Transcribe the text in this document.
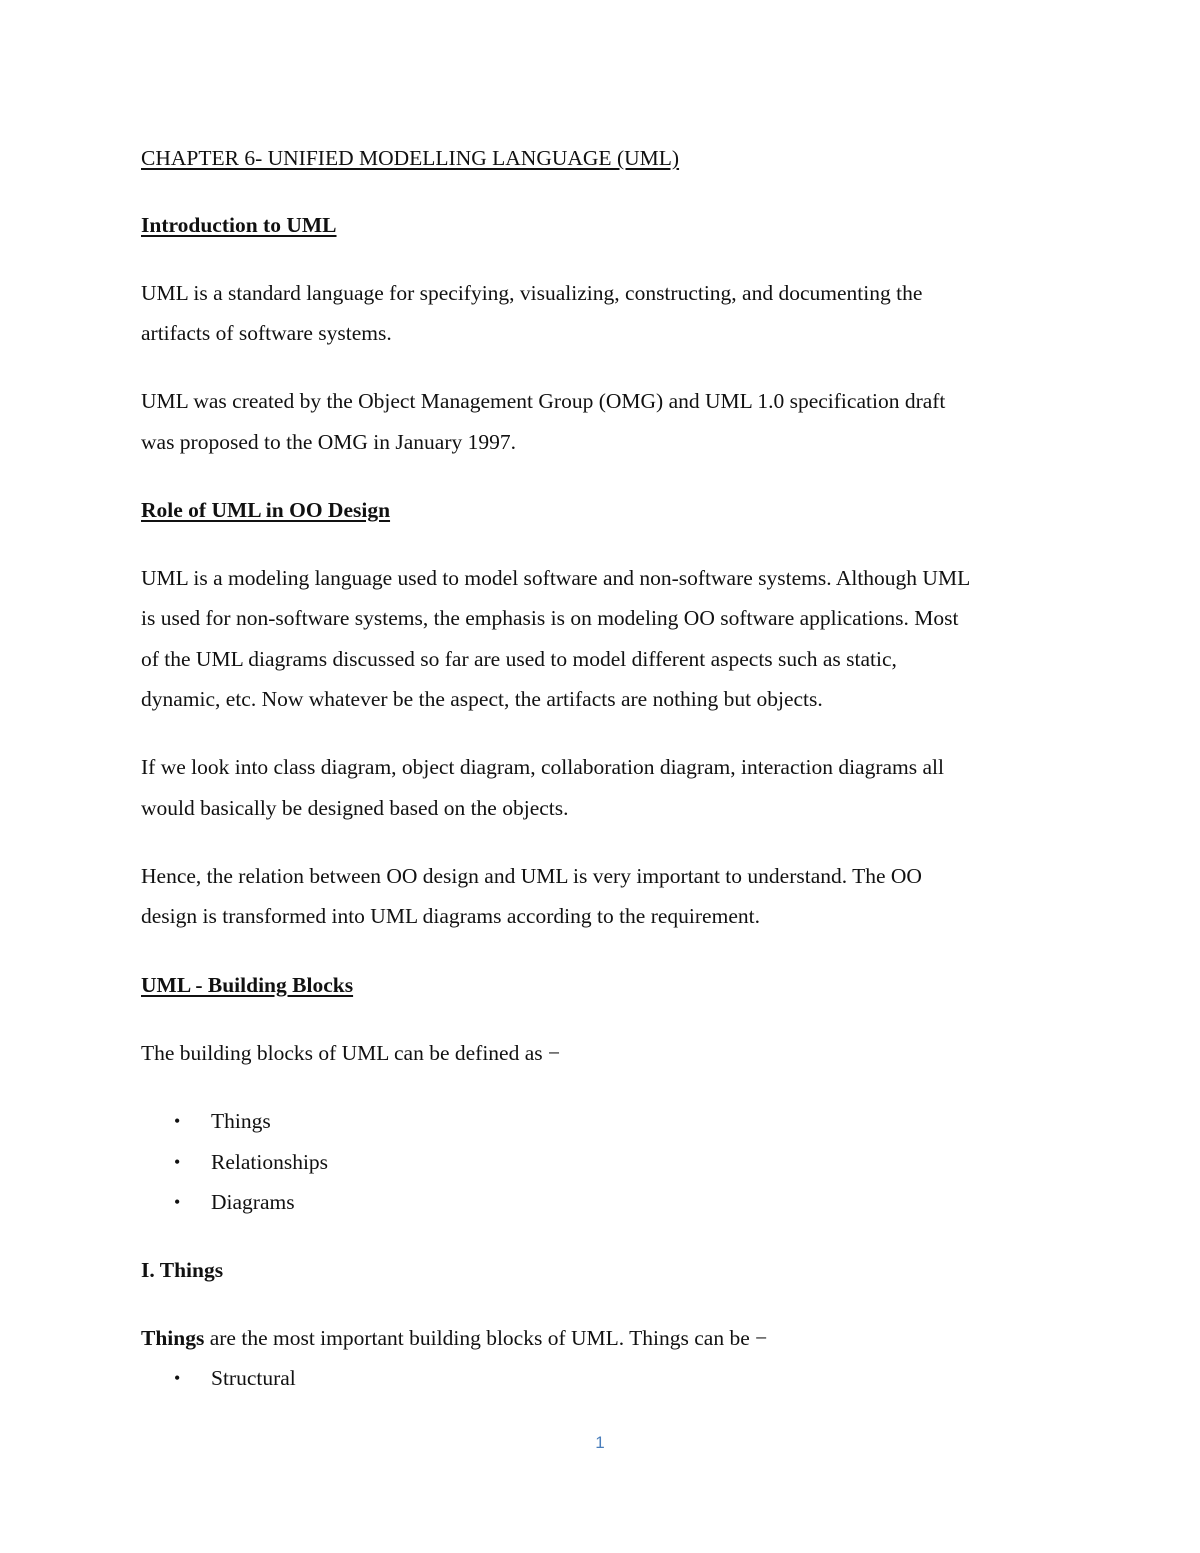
CHAPTER 6- UNIFIED MODELLING LANGUAGE (UML)
Introduction to UML
UML is a standard language for specifying, visualizing, constructing, and documenting the
artifacts of software systems.
UML was created by the Object Management Group (OMG) and UML 1.0 specification draft
was proposed to the OMG in January 1997.
Role of UML in OO Design
UML is a modeling language used to model software and non-software systems. Although UML
is used for non-software systems, the emphasis is on modeling OO software applications. Most
of the UML diagrams discussed so far are used to model different aspects such as static,
dynamic, etc. Now whatever be the aspect, the artifacts are nothing but objects.
If we look into class diagram, object diagram, collaboration diagram, interaction diagrams all
would basically be designed based on the objects.
Hence, the relation between OO design and UML is very important to understand. The OO
design is transformed into UML diagrams according to the requirement.
UML - Building Blocks
The building blocks of UML can be defined as −
• Things
• Relationships
• Diagrams
I. Things
Things are the most important building blocks of UML. Things can be −
• Structural
1
